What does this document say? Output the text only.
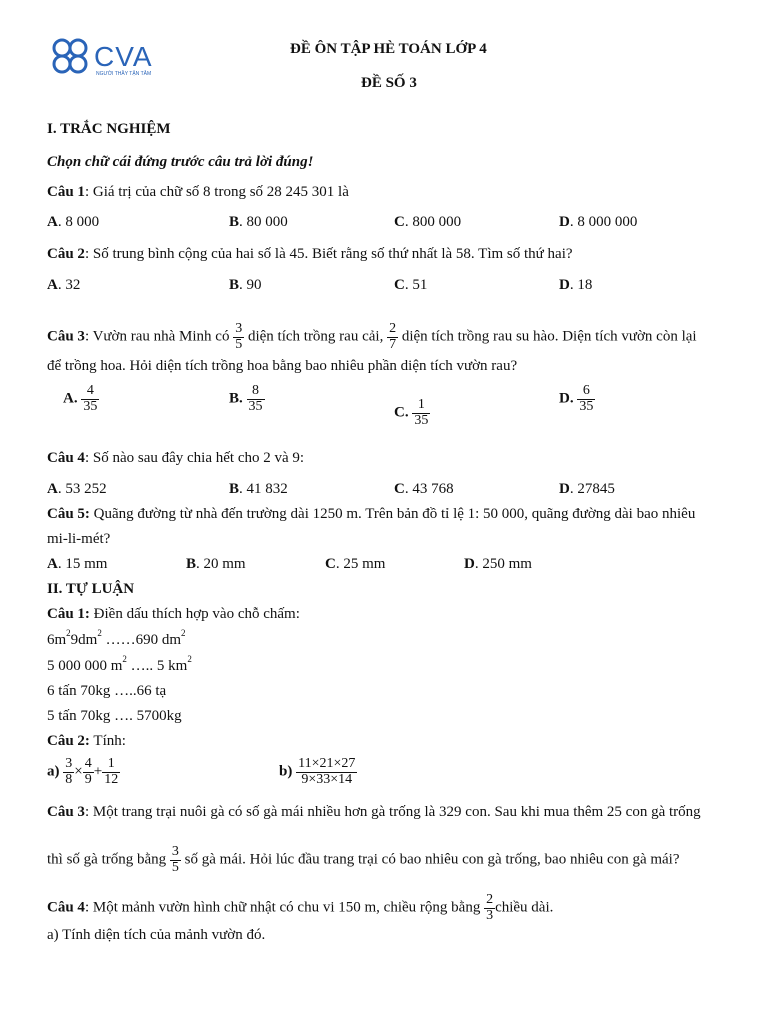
CVA
NGƯỜI THẦY TẬN TÂM
ĐỀ ÔN TẬP HÈ TOÁN LỚP 4
ĐỀ SỐ 3
I. TRẮC NGHIỆM
Chọn chữ cái đứng trước câu trả lời đúng!
Câu 1: Giá trị của chữ số 8 trong số 28 245 301 là
A. 8 000	B. 80 000	C. 800 000	D. 8 000 000
Câu 2: Số trung bình cộng của hai số là 45. Biết rằng số thứ nhất là 58. Tìm số thứ hai?
A. 32	B. 90	C. 51	D. 18
Câu 3: Vườn rau nhà Minh có $\frac{3}{5}$ diện tích trồng rau cải, $\frac{2}{7}$ diện tích trồng rau su hào. Diện tích vườn còn lại
để trồng hoa. Hỏi diện tích trồng hoa bằng bao nhiêu phần diện tích vườn rau?
A. $\frac{4}{35}$	B. $\frac{8}{35}$	C. $\frac{1}{35}$	D. $\frac{6}{35}$
Câu 4: Số nào sau đây chia hết cho 2 và 9:
A. 53 252	B. 41 832	C. 43 768	D. 27845
Câu 5: Quãng đường từ nhà đến trường dài 1250 m. Trên bản đồ tỉ lệ 1: 50 000, quãng đường dài bao nhiêu
mi-li-mét?
A. 15 mm	B. 20 mm	C. 25 mm	D. 250 mm
II. TỰ LUẬN
Câu 1: Điền dấu thích hợp vào chỗ chấm:
$6m^29dm^2$ ……690 $dm^2$
5 000 000 $m^2$ ….. 5 $km^2$
6 tấn 70kg …..66 tạ
5 tấn 70kg …. 5700kg
Câu 2: Tính:
$a) \frac{3}{8} \times \frac{4}{9} + \frac{1}{12}$	$b) \frac{11\times 21\times 27}{9\times 33\times 14}$
Câu 3: Một trang trại nuôi gà có số gà mái nhiều hơn gà trống là 329 con. Sau khi mua thêm 25 con gà trống
thì số gà trống bằng $\frac{3}{5}$ số gà mái. Hỏi lúc đầu trang trại có bao nhiêu con gà trống, bao nhiêu con gà mái?
Câu 4: Một mảnh vườn hình chữ nhật có chu vi 150 m, chiều rộng bằng $\frac{2}{3}$ chiều dài.
a) Tính diện tích của mảnh vườn đó.
